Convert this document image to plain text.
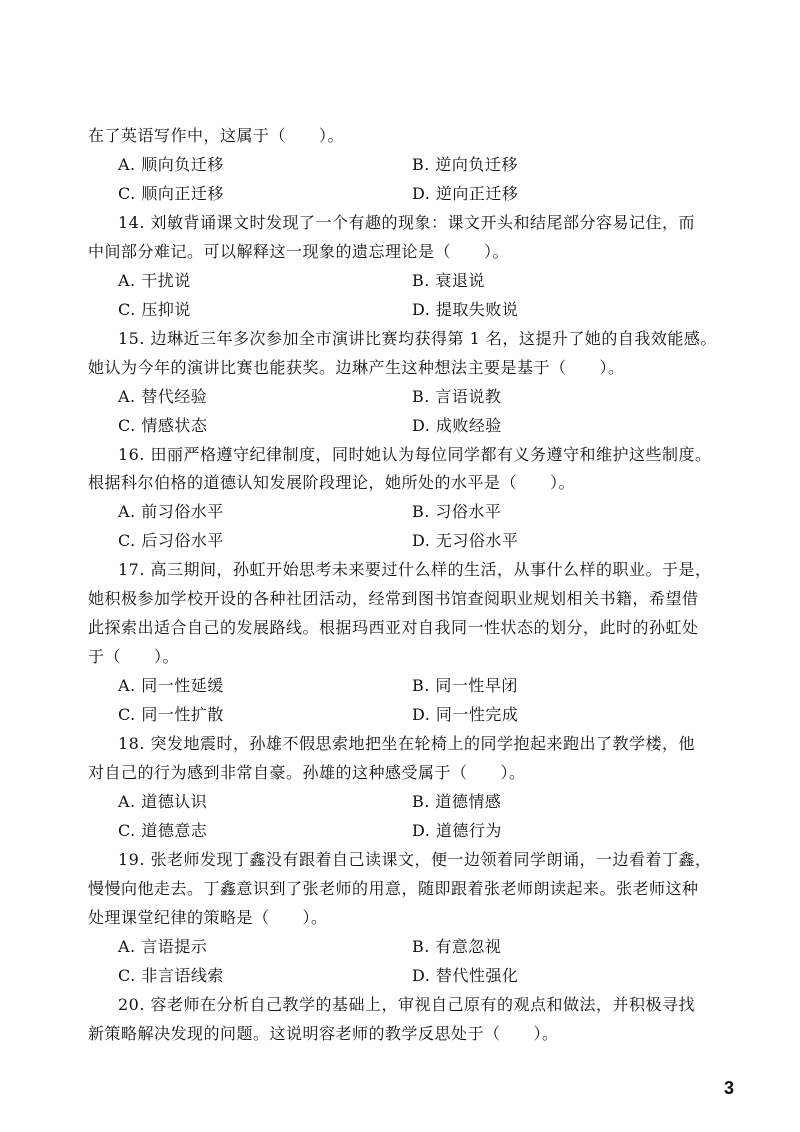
在了英语写作中，这属于（　　）。
A. 顺向负迁移	B. 逆向负迁移
C. 顺向正迁移	D. 逆向正迁移
14. 刘敏背诵课文时发现了一个有趣的现象：课文开头和结尾部分容易记住，而
中间部分难记。可以解释这一现象的遗忘理论是（　　）。
A. 干扰说	B. 衰退说
C. 压抑说	D. 提取失败说
15. 边琳近三年多次参加全市演讲比赛均获得第 1 名，这提升了她的自我效能感。
她认为今年的演讲比赛也能获奖。边琳产生这种想法主要是基于（　　）。
A. 替代经验	B. 言语说教
C. 情感状态	D. 成败经验
16. 田丽严格遵守纪律制度，同时她认为每位同学都有义务遵守和维护这些制度。
根据科尔伯格的道德认知发展阶段理论，她所处的水平是（　　）。
A. 前习俗水平	B. 习俗水平
C. 后习俗水平	D. 无习俗水平
17. 高三期间，孙虹开始思考未来要过什么样的生活，从事什么样的职业。于是，
她积极参加学校开设的各种社团活动，经常到图书馆查阅职业规划相关书籍，希望借
此探索出适合自己的发展路线。根据玛西亚对自我同一性状态的划分，此时的孙虹处
于（　　）。
A. 同一性延缓	B. 同一性早闭
C. 同一性扩散	D. 同一性完成
18. 突发地震时，孙雄不假思索地把坐在轮椅上的同学抱起来跑出了教学楼，他
对自己的行为感到非常自豪。孙雄的这种感受属于（　　）。
A. 道德认识	B. 道德情感
C. 道德意志	D. 道德行为
19. 张老师发现丁鑫没有跟着自己读课文，便一边领着同学朗诵，一边看着丁鑫，
慢慢向他走去。丁鑫意识到了张老师的用意，随即跟着张老师朗读起来。张老师这种
处理课堂纪律的策略是（　　）。
A. 言语提示	B. 有意忽视
C. 非言语线索	D. 替代性强化
20. 容老师在分析自己教学的基础上，审视自己原有的观点和做法，并积极寻找
新策略解决发现的问题。这说明容老师的教学反思处于（　　）。
3
